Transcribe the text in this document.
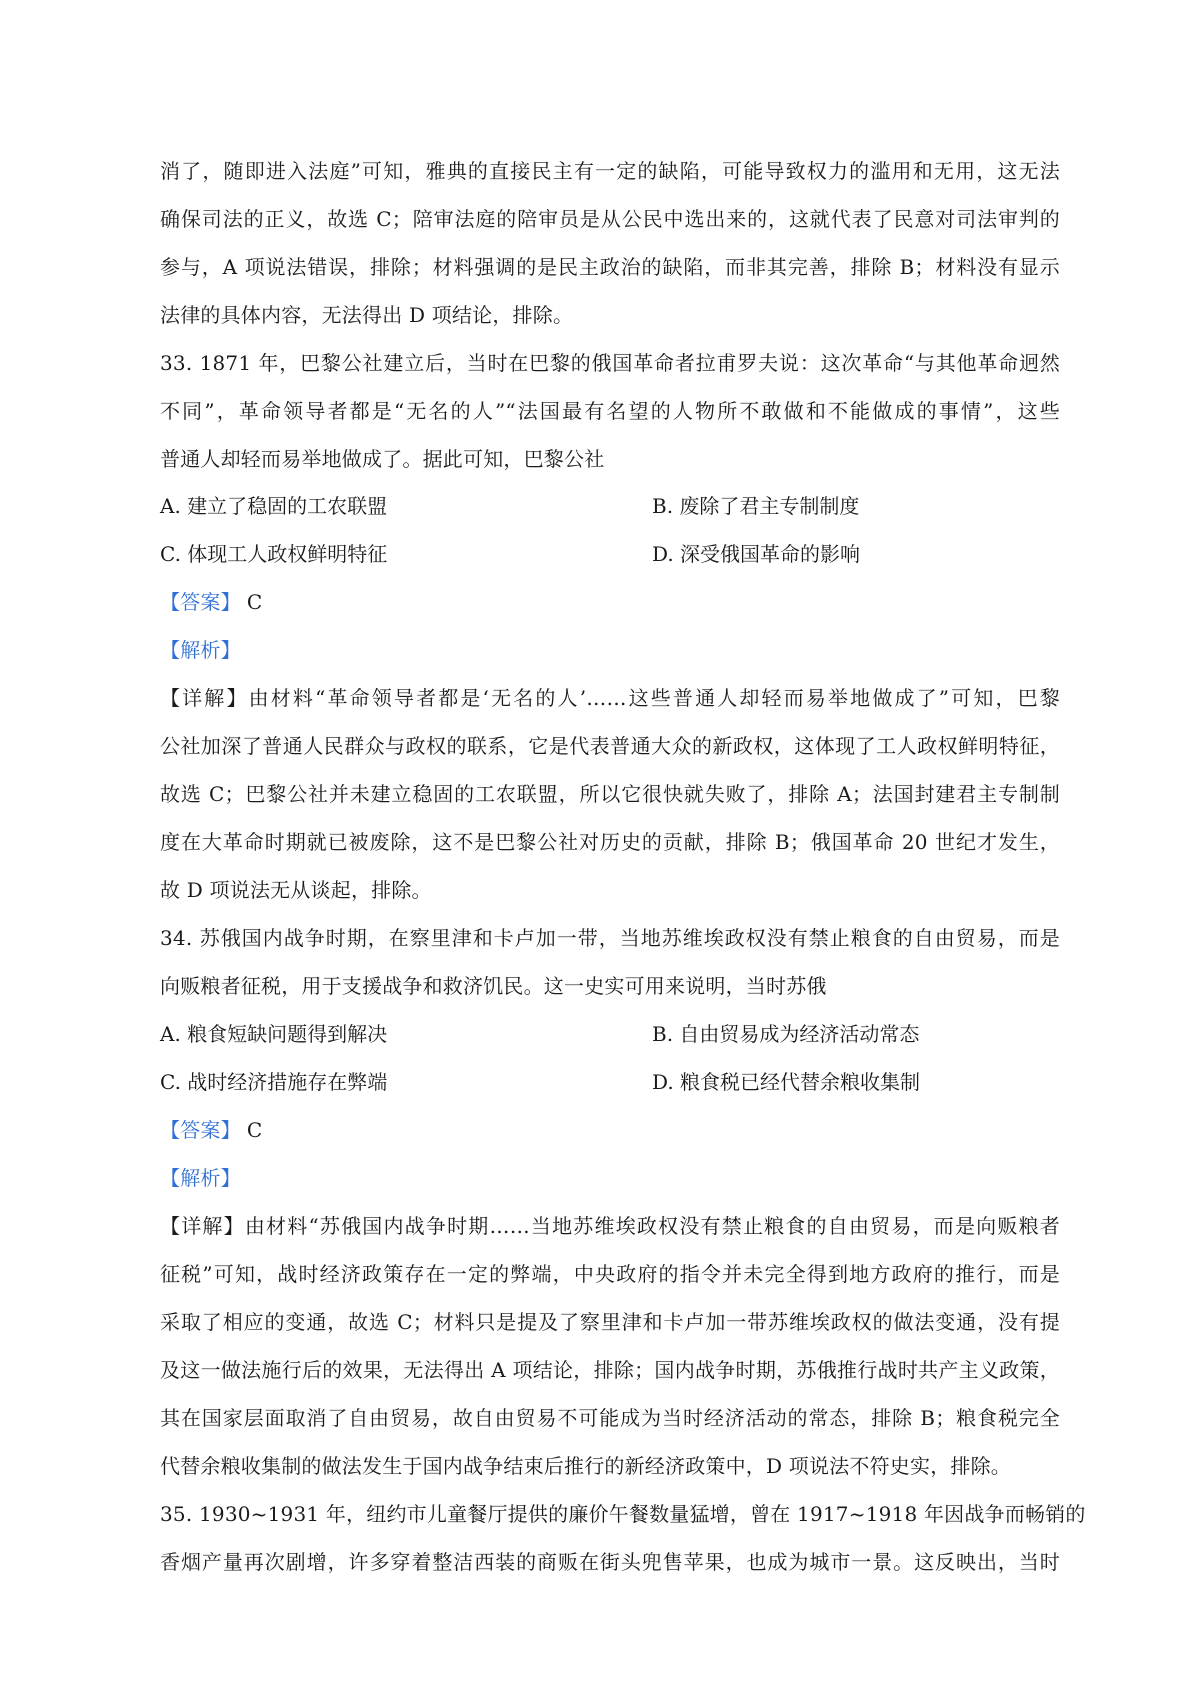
消了，随即进入法庭”可知，雅典的直接民主有一定的缺陷，可能导致权力的滥用和无用，这无法
确保司法的正义，故选 C；陪审法庭的陪审员是从公民中选出来的，这就代表了民意对司法审判的
参与，A 项说法错误，排除；材料强调的是民主政治的缺陷，而非其完善，排除 B；材料没有显示
法律的具体内容，无法得出 D 项结论，排除。
33. 1871 年，巴黎公社建立后，当时在巴黎的俄国革命者拉甫罗夫说：这次革命“与其他革命迥然
不同”，革命领导者都是“无名的人”“法国最有名望的人物所不敢做和不能做成的事情”，这些
普通人却轻而易举地做成了。据此可知，巴黎公社
A. 建立了稳固的工农联盟	B. 废除了君主专制制度
C. 体现工人政权鲜明特征	D. 深受俄国革命的影响
【答案】 C
【解析】
【详解】由材料“革命领导者都是‘无名的人’……这些普通人却轻而易举地做成了”可知，巴黎
公社加深了普通人民群众与政权的联系，它是代表普通大众的新政权，这体现了工人政权鲜明特征，
故选 C；巴黎公社并未建立稳固的工农联盟，所以它很快就失败了，排除 A；法国封建君主专制制
度在大革命时期就已被废除，这不是巴黎公社对历史的贡献，排除 B；俄国革命 20 世纪才发生，
故 D 项说法无从谈起，排除。
34. 苏俄国内战争时期，在察里津和卡卢加一带，当地苏维埃政权没有禁止粮食的自由贸易，而是
向贩粮者征税，用于支援战争和救济饥民。这一史实可用来说明，当时苏俄
A. 粮食短缺问题得到解决	B. 自由贸易成为经济活动常态
C. 战时经济措施存在弊端	D. 粮食税已经代替余粮收集制
【答案】 C
【解析】
【详解】由材料“苏俄国内战争时期……当地苏维埃政权没有禁止粮食的自由贸易，而是向贩粮者
征税”可知，战时经济政策存在一定的弊端，中央政府的指令并未完全得到地方政府的推行，而是
采取了相应的变通，故选 C；材料只是提及了察里津和卡卢加一带苏维埃政权的做法变通，没有提
及这一做法施行后的效果，无法得出 A 项结论，排除；国内战争时期，苏俄推行战时共产主义政策，
其在国家层面取消了自由贸易，故自由贸易不可能成为当时经济活动的常态，排除 B；粮食税完全
代替余粮收集制的做法发生于国内战争结束后推行的新经济政策中，D 项说法不符史实，排除。
35. 1930~1931 年，纽约市儿童餐厅提供的廉价午餐数量猛增，曾在 1917~1918 年因战争而畅销的
香烟产量再次剧增，许多穿着整洁西装的商贩在街头兜售苹果，也成为城市一景。这反映出，当时
